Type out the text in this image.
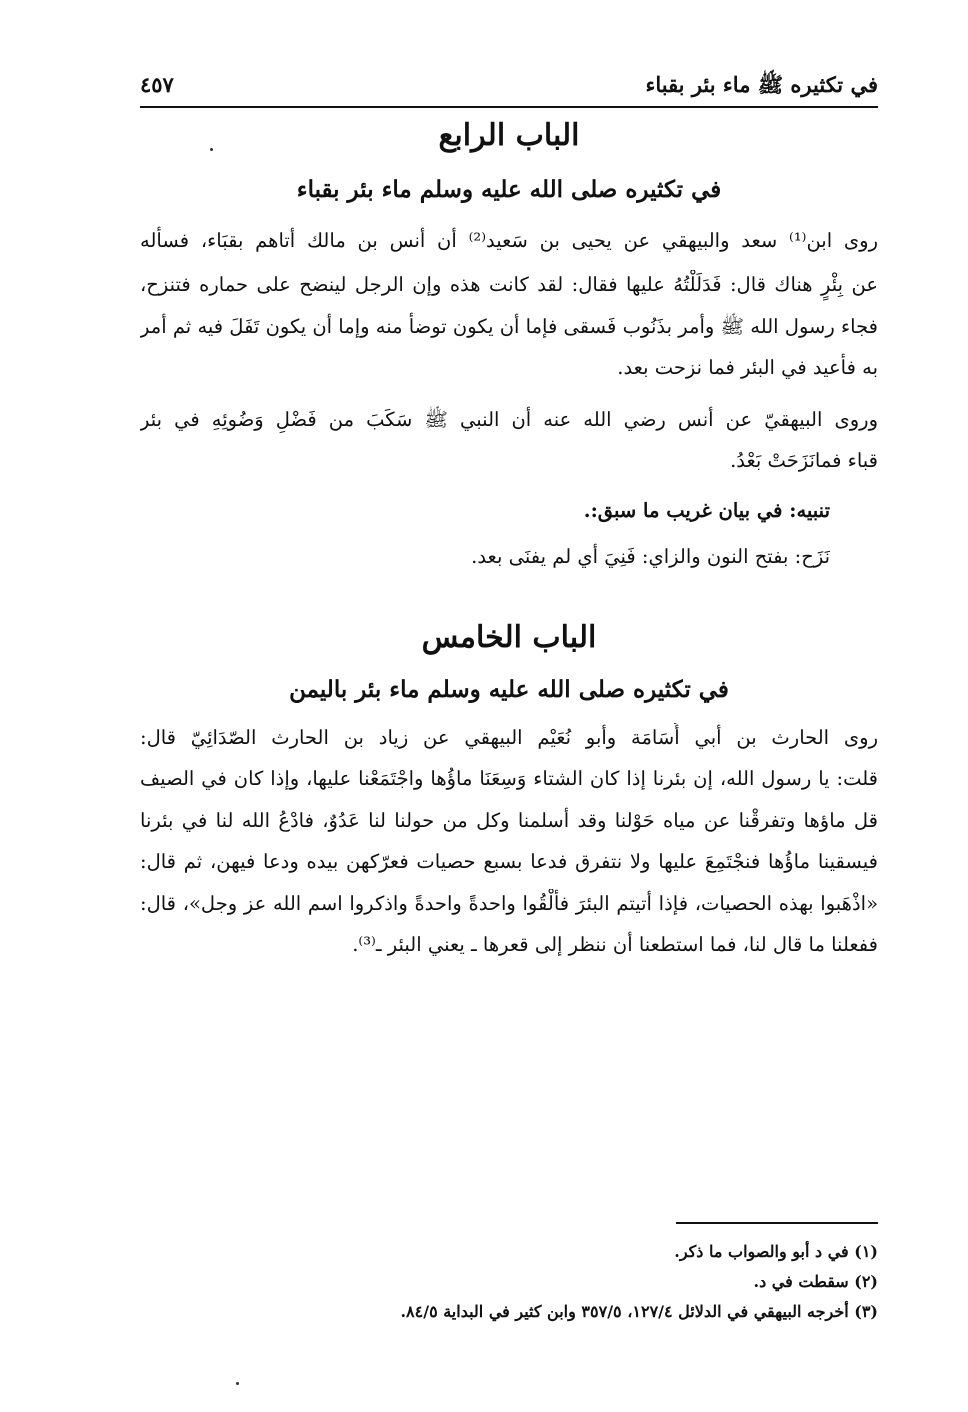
في تكثيره ﷺ ماء بئر بقباء
٤٥٧
الباب الرابع
في تكثيره صلى الله عليه وسلم ماء بئر بقباء
روى ابن⁽¹⁾ سعد والبيهقي عن يحيى بن سَعيد⁽²⁾ أن أنس بن مالك أتاهم بقبَاء، فسأله
عن بِئْرٍ هناك قال: فَدَلَلْتُهُ عليها فقال: لقد كانت هذه وإن الرجل لينضح على حماره فتنزح،
فجاء رسول الله ﷺ وأمر بذَنُوب فَسقى فإما أن يكون توضأ منه وإما أن يكون تَفَلَ فيه ثم أمر
به فأعيد في البئر فما نزحت بعد.
وروى البيهقيّ عن أنس رضي الله عنه أن النبي ﷺ سَكَبَ من فَضْلِ وَضُوئِهِ في بئر
قباء فمانَزَحَتْ بَعْدُ.
تنبيه: في بيان غريب ما سبق:.
نَزَح: بفتح النون والزاي: فَنِيَ أي لم يفنَى بعد.
الباب الخامس
في تكثيره صلى الله عليه وسلم ماء بئر باليمن
روى الحارث بن أبي أُسَامَة وأبو نُعَيْم البيهقي عن زياد بن الحارث الصّدَائِيّ قال:
قلت: يا رسول الله، إن بئرنا إذا كان الشتاء وَسِعَنَا ماؤُها واجْتَمَعْنا عليها، وإذا كان في الصيف
قل ماؤها وتفرقْنا عن مياه حَوْلنا وقد أسلمنا وكل من حولنا لنا عَدُوٌ، فادْعُ الله لنا في بئرنا
فيسقينا ماؤُها فنجْتَمِعَ عليها ولا نتفرق فدعا بسبع حصيات فعرّكهن بيده ودعا فيهن، ثم قال:
«اذْهَبوا بهذه الحصيات، فإذا أتيتم البئرَ فألْقُوا واحدةً واحدةً واذكروا اسم الله عز وجل»، قال:
ففعلنا ما قال لنا، فما استطعنا أن ننظر إلى قعرها ـ يعني البئر ـ⁽³⁾.
(١) في د أبو والصواب ما ذكر.
(٢) سقطت في د.
(٣) أخرجه البيهقي في الدلائل ١٢٧/٤، ٣٥٧/٥ وابن كثير في البداية ٨٤/٥.
